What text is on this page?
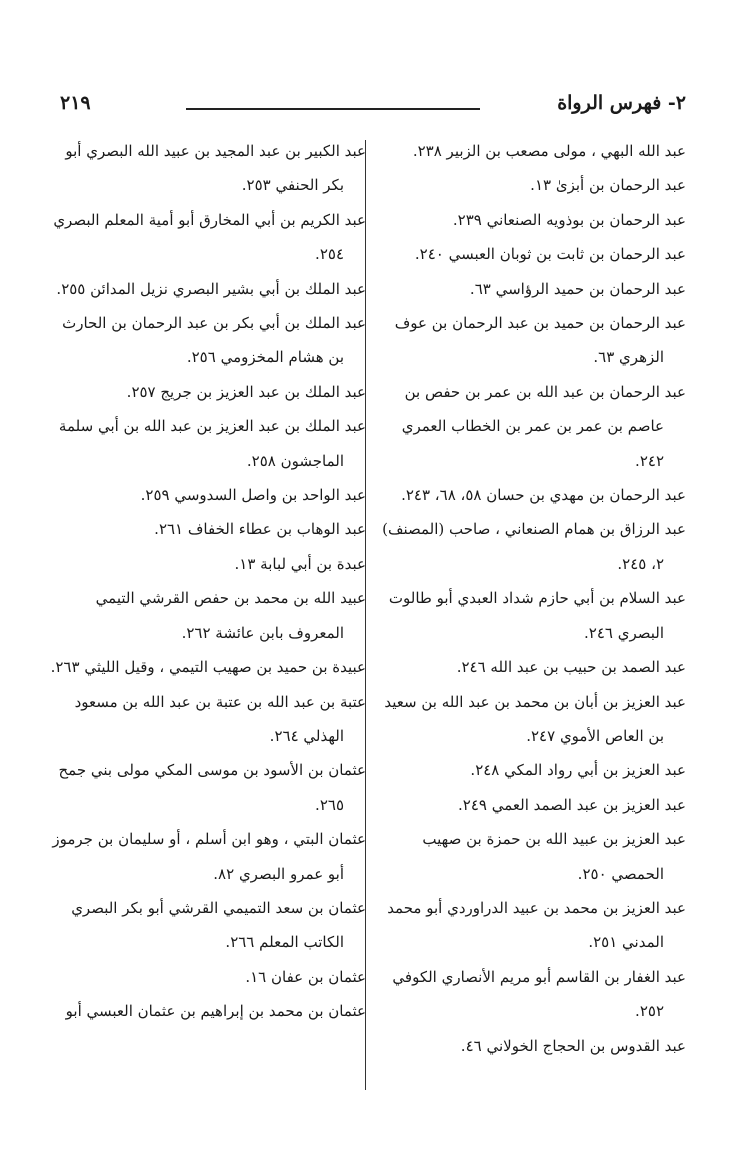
٢- فهرس الرواة
٢١٩

عبد الله البهي ، مولى مصعب بن الزبير ٢٣٨.

عبد الرحمان بن أبزىٰ ١٣.

عبد الرحمان بن بوذويه الصنعاني ٢٣٩.

عبد الرحمان بن ثابت بن ثوبان العبسي ٢٤٠.

عبد الرحمان بن حميد الرؤاسي ٦٣.

عبد الرحمان بن حميد بن عبد الرحمان بن عوف الزهري ٦٣.

عبد الرحمان بن عبد الله بن عمر بن حفص بن عاصم بن عمر بن عمر بن الخطاب العمري ٢٤٢.

عبد الرحمان بن مهدي بن حسان ٥٨، ٦٨، ٢٤٣.

عبد الرزاق بن همام الصنعاني ، صاحب (المصنف) ٢، ٢٤٥.

عبد السلام بن أبي حازم شداد العبدي أبو طالوت البصري ٢٤٦.

عبد الصمد بن حبيب بن عبد الله ٢٤٦.

عبد العزيز بن أبان بن محمد بن عبد الله بن سعيد بن العاص الأموي ٢٤٧.

عبد العزيز بن أبي رواد المكي ٢٤٨.

عبد العزيز بن عبد الصمد العمي ٢٤٩.

عبد العزيز بن عبيد الله بن حمزة بن صهيب الحمصي ٢٥٠.

عبد العزيز بن محمد بن عبيد الدراوردي أبو محمد المدني ٢٥١.

عبد الغفار بن القاسم أبو مريم الأنصاري الكوفي ٢٥٢.

عبد القدوس بن الحجاج الخولاني ٤٦.

عبد الكبير بن عبد المجيد بن عبيد الله البصري أبو بكر الحنفي ٢٥٣.

عبد الكريم بن أبي المخارق أبو أمية المعلم البصري ٢٥٤.

عبد الملك بن أبي بشير البصري نزيل المدائن ٢٥٥.

عبد الملك بن أبي بكر بن عبد الرحمان بن الحارث بن هشام المخزومي ٢٥٦.

عبد الملك بن عبد العزيز بن جريج ٢٥٧.

عبد الملك بن عبد العزيز بن عبد الله بن أبي سلمة الماجشون ٢٥٨.

عبد الواحد بن واصل السدوسي ٢٥٩.

عبد الوهاب بن عطاء الخفاف ٢٦١.

عبدة بن أبي لبابة ١٣.

عبيد الله بن محمد بن حفص القرشي التيمي المعروف بابن عائشة ٢٦٢.

عبيدة بن حميد بن صهيب التيمي ، وقيل الليثي ٢٦٣.

عتبة بن عبد الله بن عتبة بن عبد الله بن مسعود الهذلي ٢٦٤.

عثمان بن الأسود بن موسى المكي مولى بني جمح ٢٦٥.

عثمان البتي ، وهو ابن أسلم ، أو سليمان بن جرموز أبو عمرو البصري ٨٢.

عثمان بن سعد التميمي القرشي أبو بكر البصري الكاتب المعلم ٢٦٦.

عثمان بن عفان ١٦.

عثمان بن محمد بن إبراهيم بن عثمان العبسي أبو
